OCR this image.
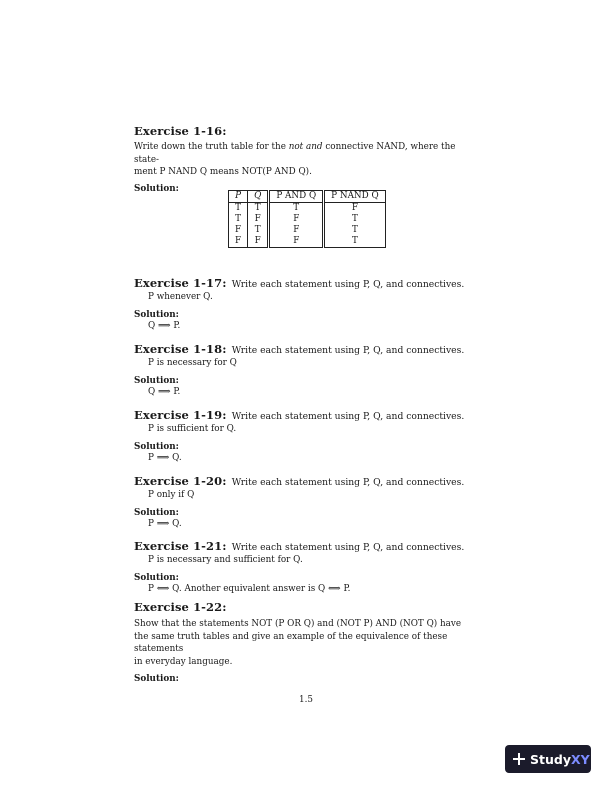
Exercise 1-16:
Write down the truth table for the not and connective NAND, where the state-
ment P NAND Q means NOT(P AND Q).
Solution:
P	Q	P AND Q	P NAND Q
T	T	T	F
T	F	F	T
F	T	F	T
F	F	F	T
Exercise 1-17: Write each statement using P, Q, and connectives.
P whenever Q.
Solution:
Q ⟹ P.
Exercise 1-18: Write each statement using P, Q, and connectives.
P is necessary for Q
Solution:
Q ⟹ P.
Exercise 1-19: Write each statement using P, Q, and connectives.
P is sufficient for Q.
Solution:
P ⟹ Q.
Exercise 1-20: Write each statement using P, Q, and connectives.
P only if Q
Solution:
P ⟹ Q.
Exercise 1-21: Write each statement using P, Q, and connectives.
P is necessary and sufficient for Q.
Solution:
P ⟺ Q. Another equivalent answer is Q ⟺ P.
Exercise 1-22:
Show that the statements NOT (P OR Q) and (NOT P) AND (NOT Q) have
the same truth tables and give an example of the equivalence of these statements
in everyday language.
Solution:
1.5
StudyXY
